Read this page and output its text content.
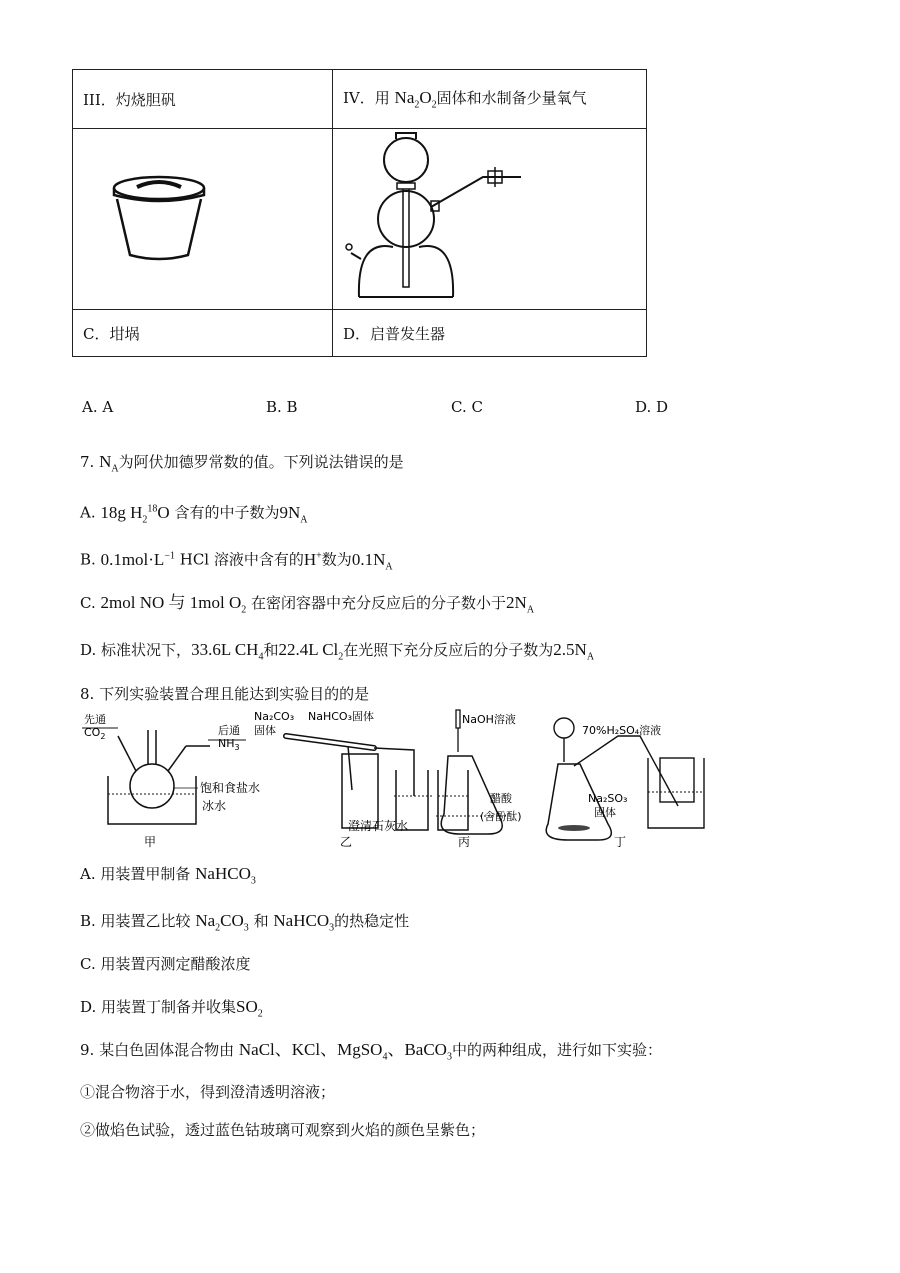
III．灼烧胆矾	IV．用 $Na_2O_2$固体和水制备少量氧气

C．坩埚	D．启普发生器
A. A	B. B	C. C	D. D
7. $N_A$为阿伏加德罗常数的值。下列说法错误的是
A. 18g $H_2^{18}O$ 含有的中子数为$9N_A$
B. $0.1mol\cdot L^{-1}$ HCl 溶液中含有的H+数为$0.1N_A$
C. 2mol NO 与 1mol $O_2$ 在密闭容器中充分反应后的分子数小于$2N_A$
D. 标准状况下，33.6L $CH_4$和22.4L $Cl_2$在光照下充分反应后的分子数为$2.5N_A$
8. 下列实验装置合理且能达到实验目的的是
先通
$CO_2$	后通
$NH_3$
饱和食盐水
冰水
甲
Na₂CO₃
固体
NaHCO₃固体
澄清石灰水
乙
NaOH溶液
醋酸
(含酚酞)
丙
70%H₂SO₄溶液
Na₂SO₃
固体
丁
A. 用装置甲制备 NaHCO$_3$
B. 用装置乙比较 $Na_2CO_3$ 和 NaHCO$_3$的热稳定性
C. 用装置丙测定醋酸浓度
D. 用装置丁制备并收集$SO_2$
9. 某白色固体混合物由 NaCl、KCl、MgSO$_4$、BaCO$_3$中的两种组成，进行如下实验：
①混合物溶于水，得到澄清透明溶液；
②做焰色试验，透过蓝色钴玻璃可观察到火焰的颜色呈紫色；
